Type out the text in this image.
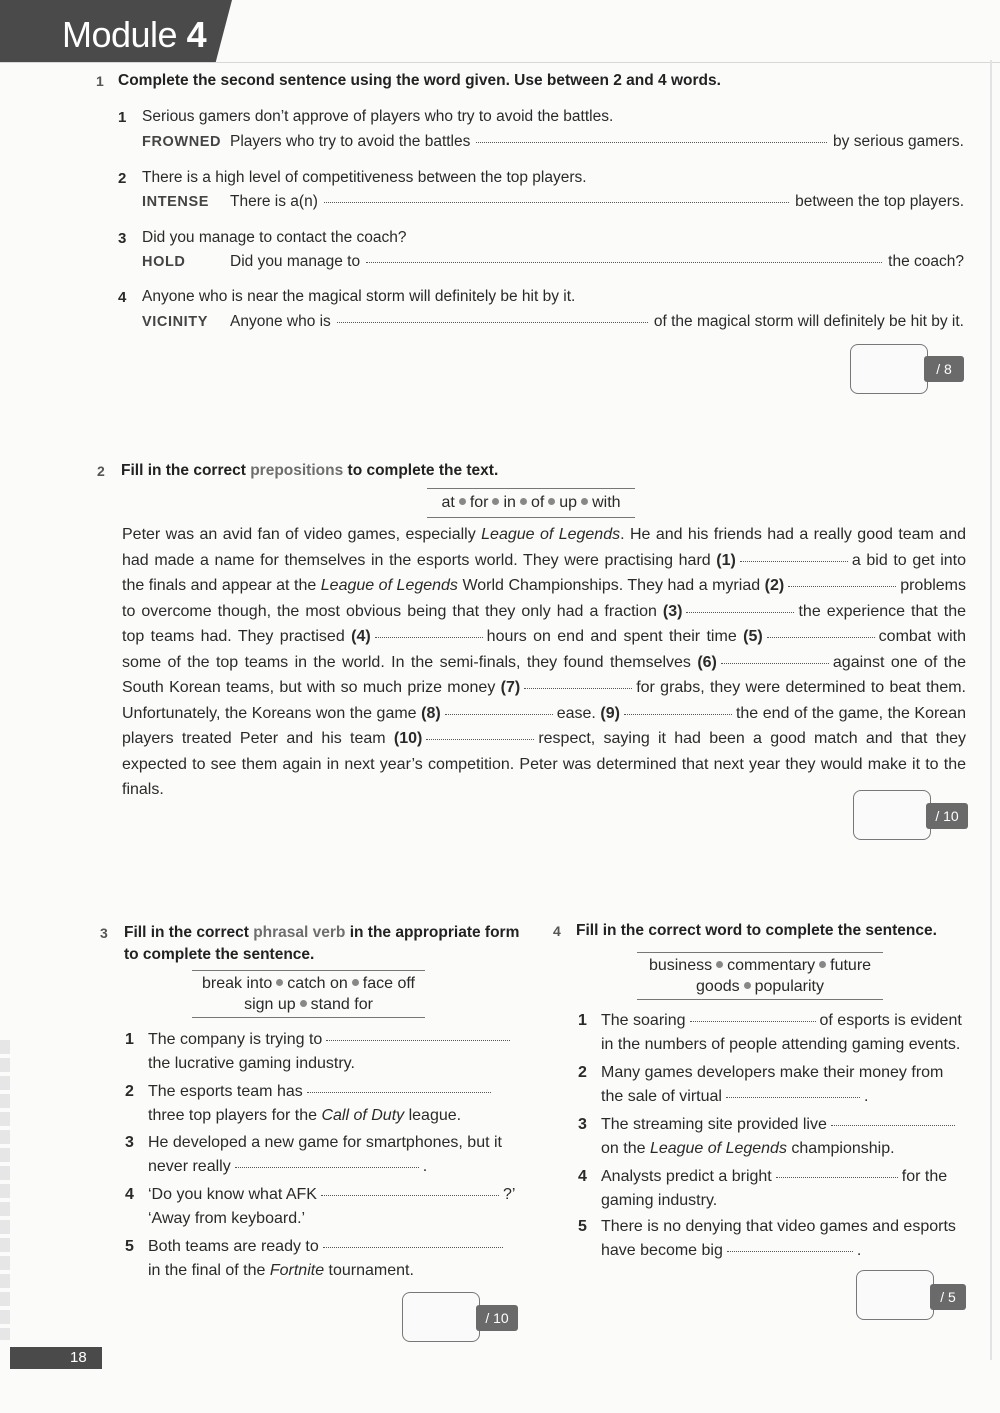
Module 4
1 Complete the second sentence using the word given. Use between 2 and 4 words.
1 Serious gamers don’t approve of players who try to avoid the battles.
FROWNED Players who try to avoid the battles	by serious gamers.
2 There is a high level of competitiveness between the top players.
INTENSE	There is a(n)	between the top players.
3 Did you manage to contact the coach?
HOLD	Did you manage to	the coach?
4 Anyone who is near the magical storm will definitely be hit by it.
VICINITY	Anyone who is	of the magical storm will definitely be hit by it.
/ 8
2 Fill in the correct prepositions to complete the text.
at for in of up with
Peter was an avid fan of video games, especially League of Legends. He and his friends had a really good team and had made a name for themselves in the esports world. They were practising hard (1)	a bid to get into the finals and appear at the League of Legends World Championships. They had a myriad (2)	problems to overcome though, the most obvious being that they only had a fraction (3)	the experience that the top teams had. They practised (4)	hours on end and spent their time (5)	combat with some of the top teams in the world. In the semi-finals, they found themselves (6)	against one of the South Korean teams, but with so much prize money (7)	for grabs, they were determined to beat them. Unfortunately, the Koreans won the game (8)	ease. (9)	the end of the game, the Korean players treated Peter and his team (10)	respect, saying it had been a good match and that they expected to see them again in next year’s competition. Peter was determined that next year they would make it to the finals.
/ 10
3 Fill in the correct phrasal verb in the appropriate form
to complete the sentence.
break into catch on face off
sign up stand for
1 The company is trying to
the lucrative gaming industry.
2 The esports team has
three top players for the Call of Duty league.
3 He developed a new game for smartphones, but it
never really	.
4 ‘Do you know what AFK	?’
‘Away from keyboard.’
5 Both teams are ready to
in the final of the Fortnite tournament.
/ 10
4 Fill in the correct word to complete the sentence.
business commentary future
goods popularity
1 The soaring	of esports is evident
in the numbers of people attending gaming events.
2 Many games developers make their money from
the sale of virtual	.
3 The streaming site provided live
on the League of Legends championship.
4 Analysts predict a bright	for the
gaming industry.
5 There is no denying that video games and esports
have become big	.
/ 5
18
